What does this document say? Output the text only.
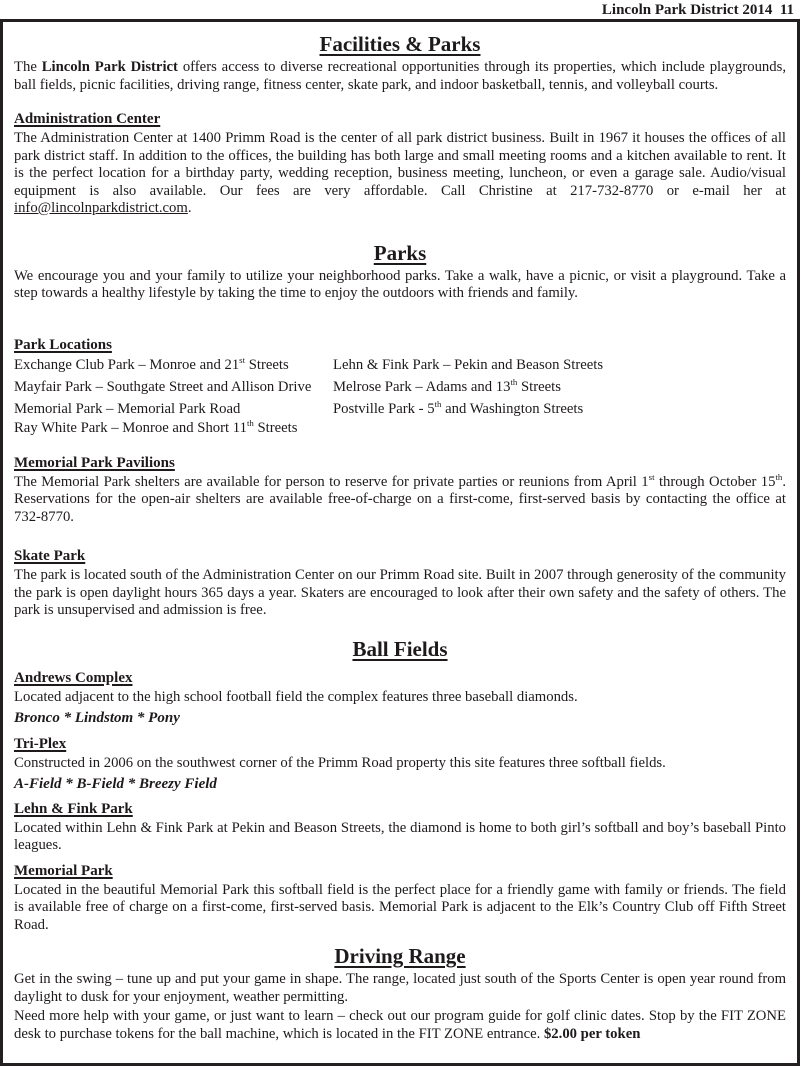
Lincoln Park District 2014  11
Facilities & Parks

The Lincoln Park District offers access to diverse recreational opportunities through its properties, which include playgrounds, ball fields, picnic facilities, driving range, fitness center, skate park, and indoor basketball, tennis, and volleyball courts.

Administration Center

The Administration Center at 1400 Primm Road is the center of all park district business. Built in 1967 it houses the offices of all park district staff. In addition to the offices, the building has both large and small meeting rooms and a kitchen available to rent. It is the perfect location for a birthday party, wedding reception, business meeting, luncheon, or even a garage sale. Audio/visual equipment is also available. Our fees are very affordable. Call Christine at 217-732-8770 or e-mail her at info@lincolnparkdistrict.com.

Parks

We encourage you and your family to utilize your neighborhood parks. Take a walk, have a picnic, or visit a playground. Take a step towards a healthy lifestyle by taking the time to enjoy the outdoors with friends and family.

Park Locations
Exchange Club Park – Monroe and 21st Streets	Lehn & Fink Park – Pekin and Beason Streets
Mayfair Park – Southgate Street and Allison Drive	Melrose Park – Adams and 13th Streets
Memorial Park – Memorial Park Road	Postville Park - 5th and Washington Streets

Ray White Park – Monroe and Short 11th Streets

Memorial Park Pavilions

The Memorial Park shelters are available for person to reserve for private parties or reunions from April 1st through October 15th. Reservations for the open-air shelters are available free-of-charge on a first-come, first-served basis by contacting the office at 732-8770.

Skate Park

The park is located south of the Administration Center on our Primm Road site. Built in 2007 through generosity of the community the park is open daylight hours 365 days a year. Skaters are encouraged to look after their own safety and the safety of others. The park is unsupervised and admission is free.

Ball Fields
Andrews Complex

Located adjacent to the high school football field the complex features three baseball diamonds.

Bronco * Lindstom * Pony

Tri-Plex

Constructed in 2006 on the southwest corner of the Primm Road property this site features three softball fields.

A-Field * B-Field * Breezy Field

Lehn & Fink Park

Located within Lehn & Fink Park at Pekin and Beason Streets, the diamond is home to both girl’s softball and boy’s baseball Pinto leagues.

Memorial Park

Located in the beautiful Memorial Park this softball field is the perfect place for a friendly game with family or friends. The field is available free of charge on a first-come, first-served basis. Memorial Park is adjacent to the Elk’s Country Club off Fifth Street Road.

Driving Range

Get in the swing – tune up and put your game in shape. The range, located just south of the Sports Center is open year round from daylight to dusk for your enjoyment, weather permitting.

Need more help with your game, or just want to learn – check out our program guide for golf clinic dates. Stop by the FIT ZONE desk to purchase tokens for the ball machine, which is located in the FIT ZONE entrance. $2.00 per token
